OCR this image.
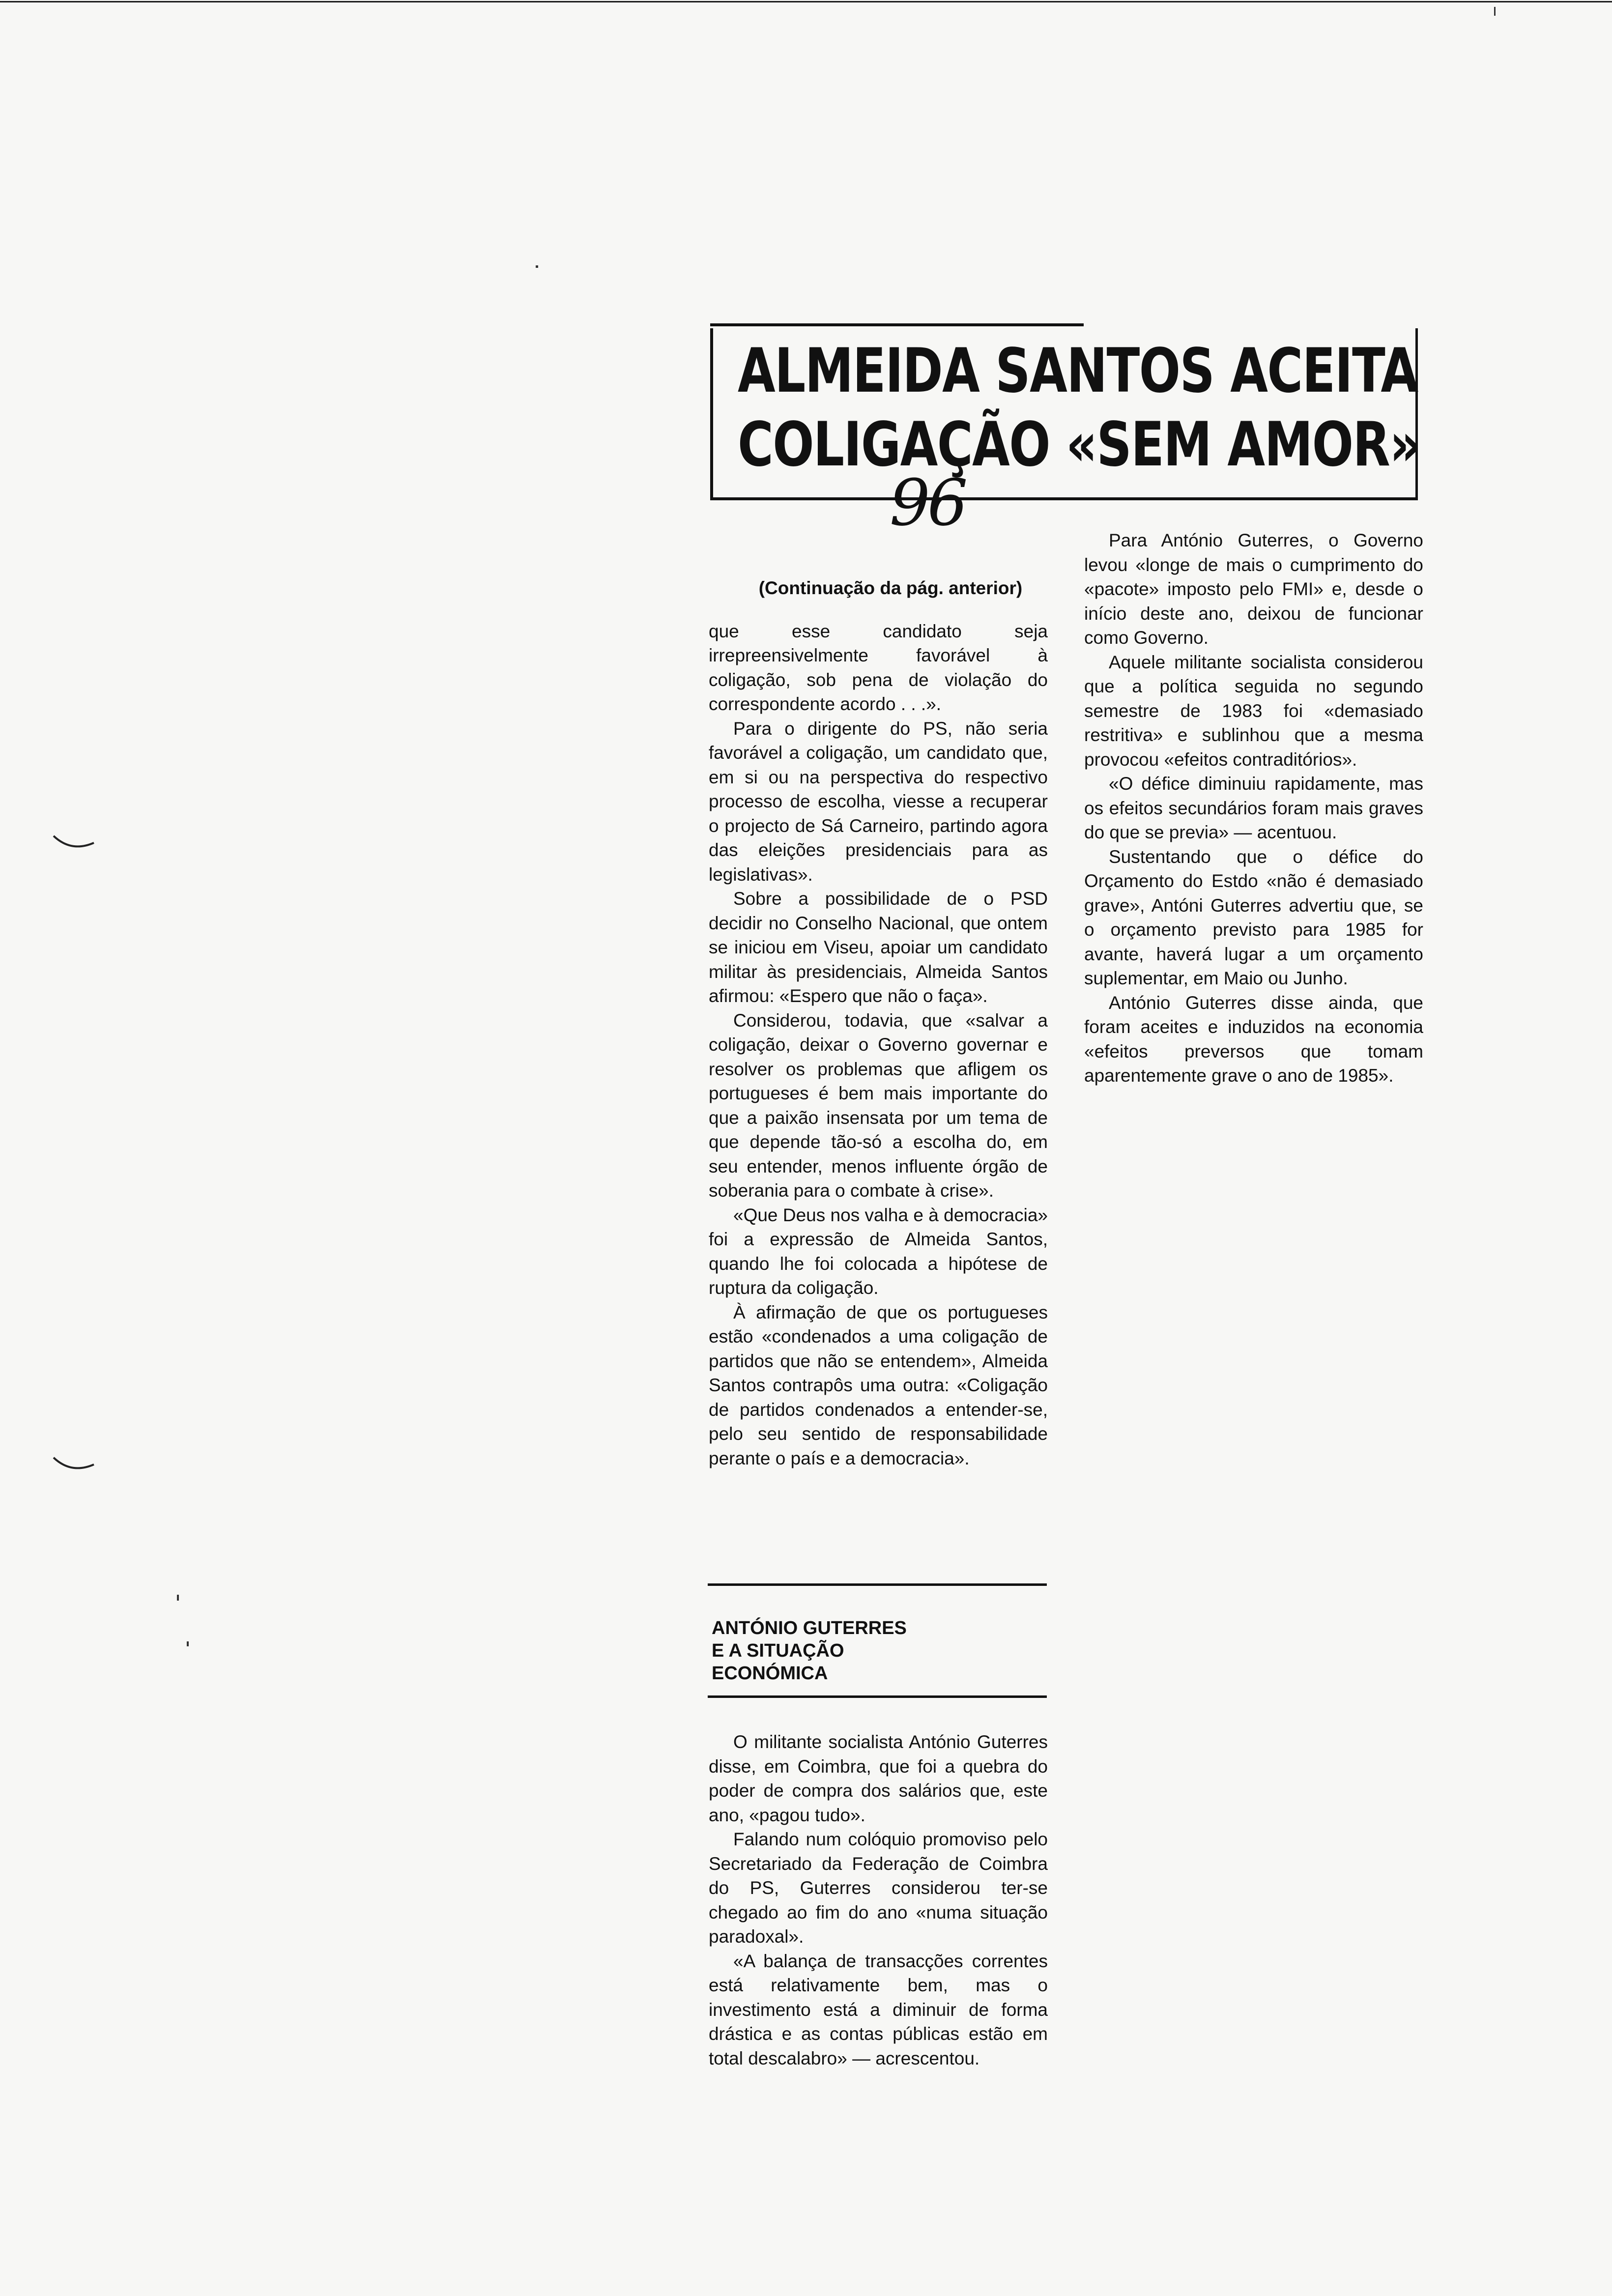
ALMEIDA SANTOS ACEITA
COLIGAÇÃO «SEM AMOR»
96

(Continuação da pág. anterior)

que esse candidato seja irrepreensivelmente favorável à coligação, sob pena de violação do correspondente acordo . . .».

Para o dirigente do PS, não seria favorável a coligação, um candidato que, em si ou na perspectiva do respectivo processo de escolha, viesse a recuperar o projecto de Sá Carneiro, partindo agora das eleições presidenciais para as legislativas».

Sobre a possibilidade de o PSD decidir no Conselho Nacional, que ontem se iniciou em Viseu, apoiar um candidato militar às presidenciais, Almeida Santos afirmou: «Espero que não o faça».

Considerou, todavia, que «salvar a coligação, deixar o Governo governar e resolver os problemas que afligem os portugueses é bem mais importante do que a paixão insensata por um tema de que depende tão-só a escolha do, em seu entender, menos influente órgão de soberania para o combate à crise».

«Que Deus nos valha e à democracia» foi a expressão de Almeida Santos, quando lhe foi colocada a hipótese de ruptura da coligação.

À afirmação de que os portugueses estão «condenados a uma coligação de partidos que não se entendem», Almeida Santos contrapôs uma outra: «Coligação de partidos condenados a entender-se, pelo seu sentido de responsabilidade perante o país e a democracia».

Para António Guterres, o Governo levou «longe de mais o cumprimento do «pacote» imposto pelo FMI» e, desde o início deste ano, deixou de funcionar como Governo.

Aquele militante socialista considerou que a política seguida no segundo semestre de 1983 foi «demasiado restritiva» e sublinhou que a mesma provocou «efeitos contraditórios».

«O défice diminuiu rapidamente, mas os efeitos secundários foram mais graves do que se previa» — acentuou.

Sustentando que o défice do Orçamento do Estdo «não é demasiado grave», Antóni Guterres advertiu que, se o orçamento previsto para 1985 for avante, haverá lugar a um orçamento suplementar, em Maio ou Junho.

António Guterres disse ainda, que foram aceites e induzidos na economia «efeitos preversos que tomam aparentemente grave o ano de 1985».

ANTÓNIO GUTERRES
E A SITUAÇÃO
ECONÓMICA

O militante socialista António Guterres disse, em Coimbra, que foi a quebra do poder de compra dos salários que, este ano, «pagou tudo».

Falando num colóquio promoviso pelo Secretariado da Federação de Coimbra do PS, Guterres considerou ter-se chegado ao fim do ano «numa situação paradoxal».

«A balança de transacções correntes está relativamente bem, mas o investimento está a diminuir de forma drástica e as contas públicas estão em total descalabro» — acrescentou.
